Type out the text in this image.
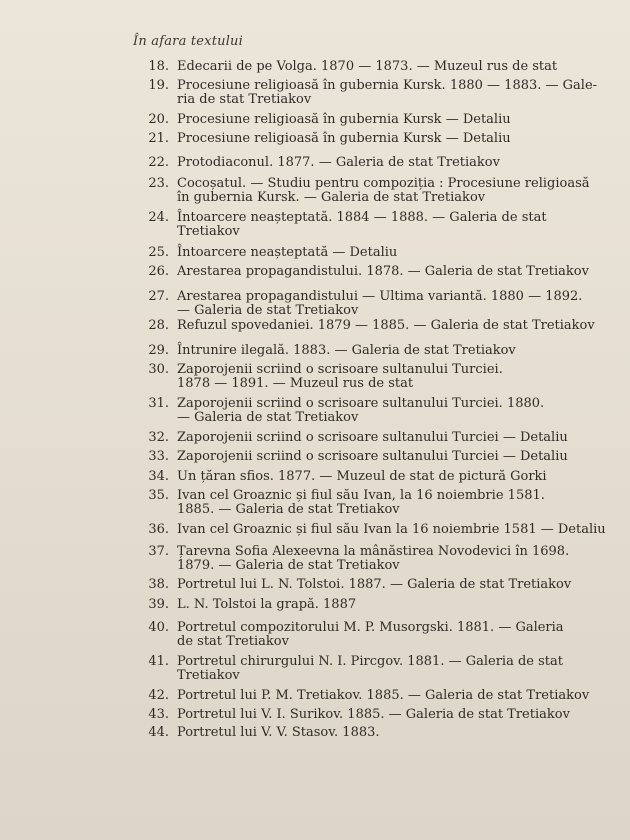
În afara textului
18. Edecarii de pe Volga. 1870 — 1873. — Muzeul rus de stat
19. Procesiune religioasă în gubernia Kursk. 1880 — 1883. — Gale-
ria de stat Tretiakov
20. Procesiune religioasă în gubernia Kursk — Detaliu
21. Procesiune religioasă în gubernia Kursk — Detaliu
22. Protodiaconul. 1877. — Galeria de stat Tretiakov
23. Cocoșatul. — Studiu pentru compoziția : Procesiune religioasă
în gubernia Kursk. — Galeria de stat Tretiakov
24. Întoarcere neașteptată. 1884 — 1888. — Galeria de stat
Tretiakov
25. Întoarcere neașteptată — Detaliu
26. Arestarea propagandistului. 1878. — Galeria de stat Tretiakov
27. Arestarea propagandistului — Ultima variantă. 1880 — 1892.
— Galeria de stat Tretiakov
28. Refuzul spovedaniei. 1879 — 1885. — Galeria de stat Tretiakov
29. Întrunire ilegală. 1883. — Galeria de stat Tretiakov
30. Zaporojenii scriind o scrisoare sultanului Turciei.
1878 — 1891. — Muzeul rus de stat
31. Zaporojenii scriind o scrisoare sultanului Turciei. 1880.
— Galeria de stat Tretiakov
32. Zaporojenii scriind o scrisoare sultanului Turciei — Detaliu
33. Zaporojenii scriind o scrisoare sultanului Turciei — Detaliu
34. Un țăran sfios. 1877. — Muzeul de stat de pictură Gorki
35. Ivan cel Groaznic și fiul său Ivan, la 16 noiembrie 1581.
1885. — Galeria de stat Tretiakov
36. Ivan cel Groaznic și fiul său Ivan la 16 noiembrie 1581 — Detaliu
37. Țarevna Sofia Alexeevna la mânăstirea Novodevici în 1698.
1879. — Galeria de stat Tretiakov
38. Portretul lui L. N. Tolstoi. 1887. — Galeria de stat Tretiakov
39. L. N. Tolstoi la grapă. 1887
40. Portretul compozitorului M. P. Musorgski. 1881. — Galeria
de stat Tretiakov
41. Portretul chirurgului N. I. Pircgov. 1881. — Galeria de stat
Tretiakov
42. Portretul lui P. M. Tretiakov. 1885. — Galeria de stat Tretiakov
43. Portretul lui V. I. Surikov. 1885. — Galeria de stat Tretiakov
44. Portretul lui V. V. Stasov. 1883.
